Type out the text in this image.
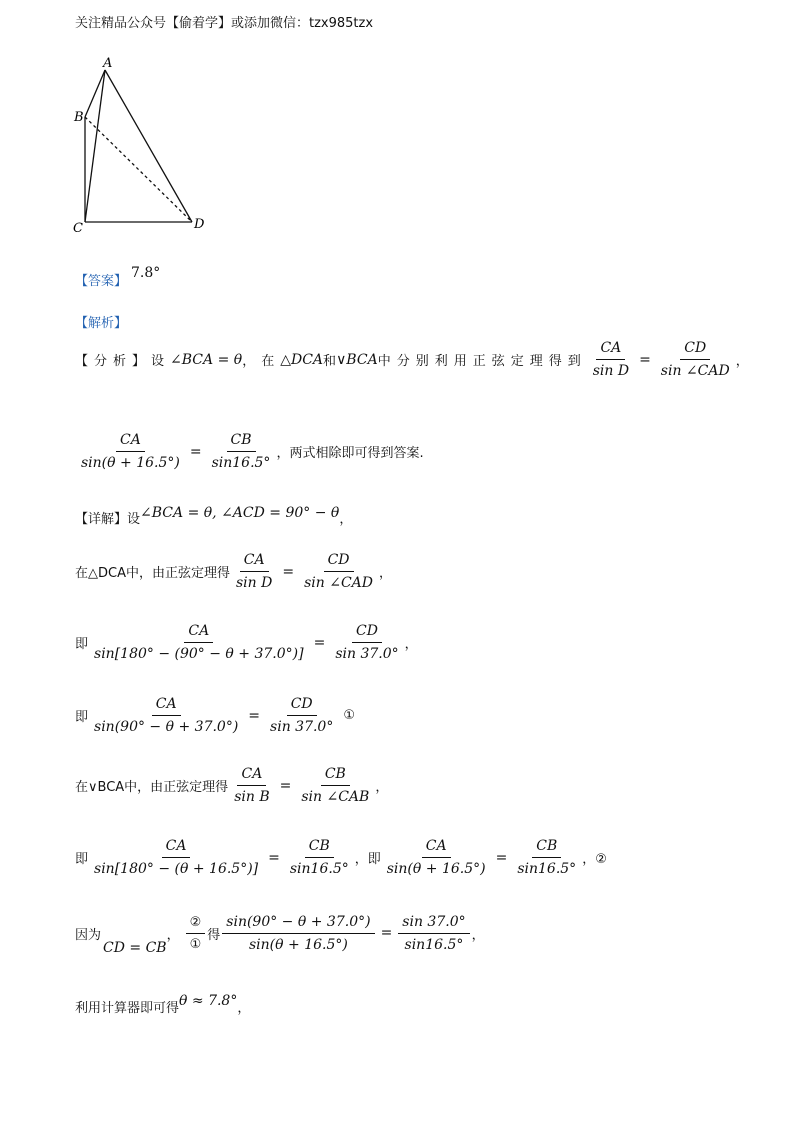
关注精品公众号【偷着学】或添加微信：tzx985tzx
A
B
C	D
【答案】
7.8°
【解析】
【分析】 设 ∠BCA = θ ，在 △DCA 和 ∨BCA 中分别利用正弦定理得到 $\frac{CA}{\text{sin D}} = \frac{CD}{\text{sin ∠CAD}}$ ，
$\frac{CA}{\sin(\theta + 16.5^\circ)} = \frac{CB}{\sin 16.5^\circ}$ ，两式相除即可得到答案.
【详解】设 ∠BCA = θ, ∠ACD = 90° − θ ，
在△DCA中，由正弦定理得 $\frac{CA}{\text{sin D}} = \frac{CD}{\text{sin ∠CAD}}$ ，
即 $\frac{CA}{\sin[180^\circ - (90^\circ - \theta + 37.0^\circ)]} = \frac{CD}{\sin 37.0^\circ}$ ，
即 $\frac{CA}{\sin(90^\circ - \theta + 37.0^\circ)} = \frac{CD}{\sin 37.0^\circ}$ ①
在∨BCA中，由正弦定理得 $\frac{CA}{\text{sin B}} = \frac{CB}{\text{sin ∠CAB}}$ ，
即 $\frac{CA}{\sin[180^\circ - (\theta + 16.5^\circ)]} = \frac{CB}{\sin 16.5^\circ}$ ，即 $\frac{CA}{\sin(\theta + 16.5^\circ)} = \frac{CB}{\sin 16.5^\circ}$ ，②
因为
CD = CB
， $\frac{\text{②}}{\text{①}}$ 得 $\frac{\sin(90^\circ - \theta + 37.0^\circ)}{\sin(\theta + 16.5^\circ)} = \frac{\sin 37.0^\circ}{\sin 16.5^\circ}$ ，
利用计算器即可得 θ ≈ 7.8° ，
